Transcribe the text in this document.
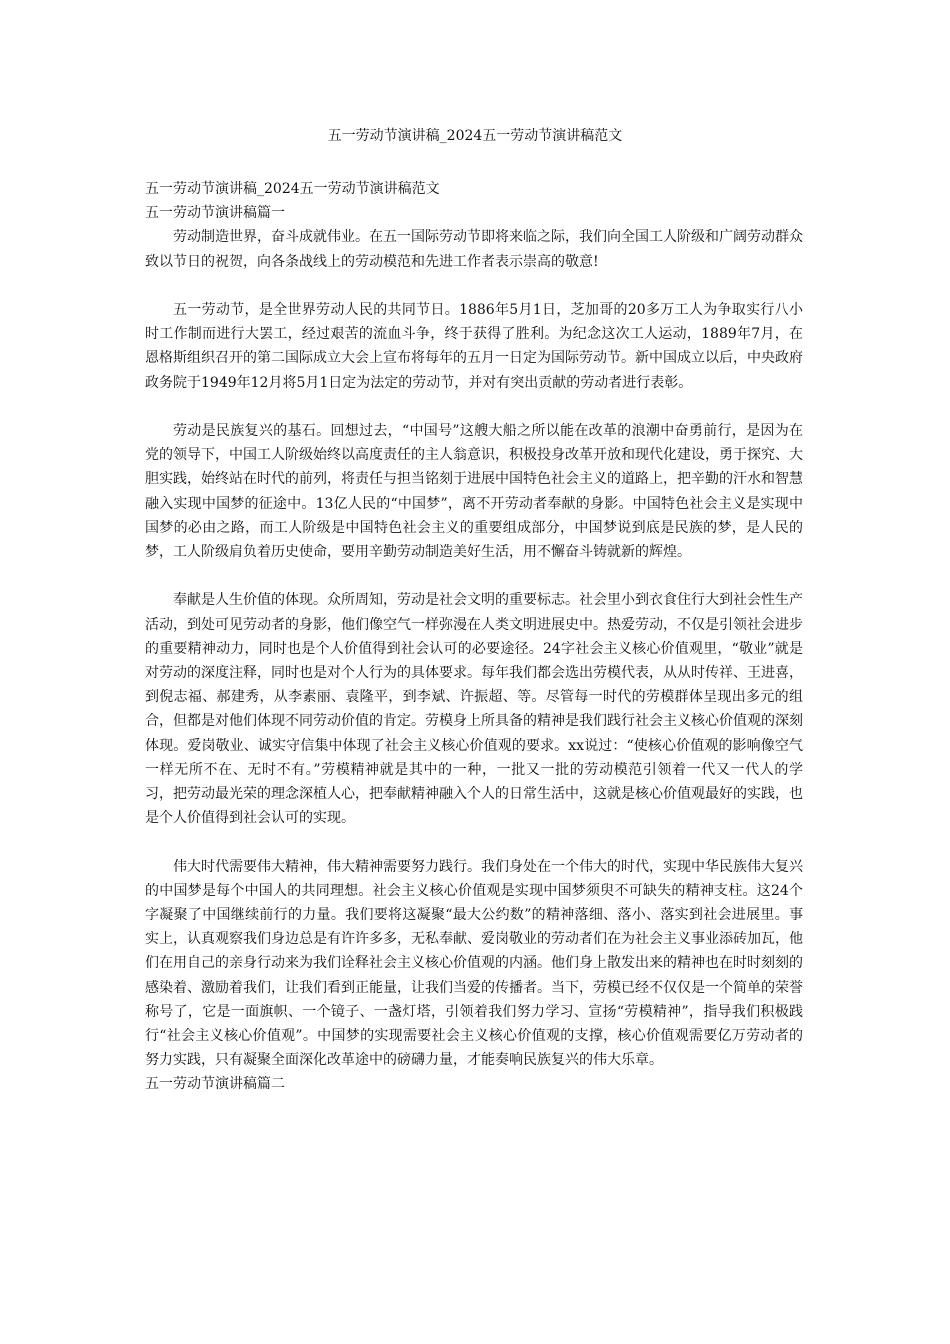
五一劳动节演讲稿_2024五一劳动节演讲稿范文
五一劳动节演讲稿_2024五一劳动节演讲稿范文
五一劳动节演讲稿篇一

劳动制造世界，奋斗成就伟业。在五一国际劳动节即将来临之际，我们向全国工人阶级和广阔劳动群众致以节日的祝贺，向各条战线上的劳动模范和先进工作者表示崇高的敬意!

五一劳动节，是全世界劳动人民的共同节日。1886年5月1日，芝加哥的20多万工人为争取实行八小时工作制而进行大罢工，经过艰苦的流血斗争，终于获得了胜利。为纪念这次工人运动，1889年7月，在恩格斯组织召开的第二国际成立大会上宣布将每年的五月一日定为国际劳动节。新中国成立以后，中央政府政务院于1949年12月将5月1日定为法定的劳动节，并对有突出贡献的劳动者进行表彰。

劳动是民族复兴的基石。回想过去，“中国号”这艘大船之所以能在改革的浪潮中奋勇前行，是因为在党的领导下，中国工人阶级始终以高度责任的主人翁意识，积极投身改革开放和现代化建设，勇于探究、大胆实践，始终站在时代的前列，将责任与担当铭刻于进展中国特色社会主义的道路上，把辛勤的汗水和智慧融入实现中国梦的征途中。13亿人民的“中国梦”，离不开劳动者奉献的身影。中国特色社会主义是实现中国梦的必由之路，而工人阶级是中国特色社会主义的重要组成部分，中国梦说到底是民族的梦，是人民的梦，工人阶级肩负着历史使命，要用辛勤劳动制造美好生活，用不懈奋斗铸就新的辉煌。

奉献是人生价值的体现。众所周知，劳动是社会文明的重要标志。社会里小到衣食住行大到社会性生产活动，到处可见劳动者的身影，他们像空气一样弥漫在人类文明进展史中。热爱劳动，不仅是引领社会进步的重要精神动力，同时也是个人价值得到社会认可的必要途径。24字社会主义核心价值观里，“敬业”就是对劳动的深度注释，同时也是对个人行为的具体要求。每年我们都会选出劳模代表，从从时传祥、王进喜，到倪志福、郝建秀，从李素丽、袁隆平，到李斌、许振超、等。尽管每一时代的劳模群体呈现出多元的组合，但都是对他们体现不同劳动价值的肯定。劳模身上所具备的精神是我们践行社会主义核心价值观的深刻体现。爱岗敬业、诚实守信集中体现了社会主义核心价值观的要求。xx说过：“使核心价值观的影响像空气一样无所不在、无时不有。”劳模精神就是其中的一种，一批又一批的劳动模范引领着一代又一代人的学习，把劳动最光荣的理念深植人心，把奉献精神融入个人的日常生活中，这就是核心价值观最好的实践，也是个人价值得到社会认可的实现。

伟大时代需要伟大精神，伟大精神需要努力践行。我们身处在一个伟大的时代，实现中华民族伟大复兴的中国梦是每个中国人的共同理想。社会主义核心价值观是实现中国梦须臾不可缺失的精神支柱。这24个字凝聚了中国继续前行的力量。我们要将这凝聚“最大公约数”的精神落细、落小、落实到社会进展里。事实上，认真观察我们身边总是有许许多多，无私奉献、爱岗敬业的劳动者们在为社会主义事业添砖加瓦，他们在用自己的亲身行动来为我们诠释社会主义核心价值观的内涵。他们身上散发出来的精神也在时时刻刻的感染着、激励着我们，让我们看到正能量，让我们当爱的传播者。当下，劳模已经不仅仅是一个简单的荣誉称号了，它是一面旗帜、一个镜子、一盏灯塔，引领着我们努力学习、宣扬“劳模精神”，指导我们积极践行“社会主义核心价值观”。中国梦的实现需要社会主义核心价值观的支撑，核心价值观需要亿万劳动者的努力实践，只有凝聚全面深化改革途中的磅礴力量，才能奏响民族复兴的伟大乐章。

五一劳动节演讲稿篇二
